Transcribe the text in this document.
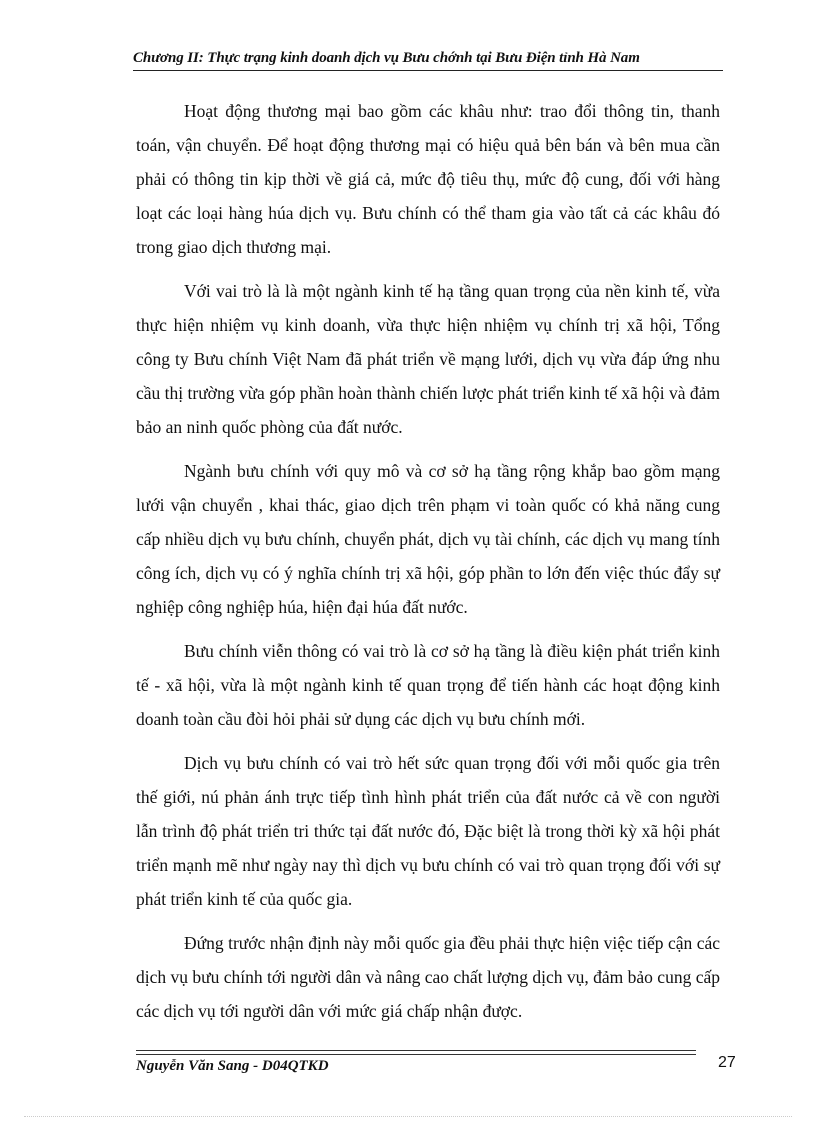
Chương II: Thực trạng kinh doanh dịch vụ Bưu chớnh tại Bưu Điện tỉnh Hà Nam

Hoạt động thương mại bao gồm các khâu như: trao đổi thông tin, thanh toán, vận chuyển. Để hoạt động thương mại có hiệu quả bên bán và bên mua cần phải có thông tin kịp thời về giá cả, mức độ tiêu thụ, mức độ cung, đối với hàng loạt các loại hàng húa dịch vụ. Bưu chính có thể tham gia vào tất cả các khâu đó trong giao dịch thương mại.

Với vai trò là là một ngành kinh tế hạ tầng quan trọng của nền kinh tế, vừa thực hiện nhiệm vụ kinh doanh, vừa thực hiện nhiệm vụ chính trị xã hội, Tổng công ty Bưu chính Việt Nam đã phát triển về mạng lưới, dịch vụ vừa đáp ứng nhu cầu thị trường vừa góp phần hoàn thành chiến lược phát triển kinh tế xã hội và đảm bảo an ninh quốc phòng của đất nước.

Ngành bưu chính với quy mô và cơ sở hạ tầng rộng khắp bao gồm mạng lưới vận chuyển , khai thác, giao dịch trên phạm vi toàn quốc có khả năng cung cấp nhiều dịch vụ bưu chính, chuyển phát, dịch vụ tài chính, các dịch vụ mang tính công ích, dịch vụ có ý nghĩa chính trị xã hội, góp phần to lớn đến việc thúc đẩy sự nghiệp công nghiệp húa, hiện đại húa đất nước.

Bưu chính viễn thông có vai trò là cơ sở hạ tầng là điều kiện phát triển kinh tế - xã hội, vừa là một ngành kinh tế quan trọng để tiến hành các hoạt động kinh doanh toàn cầu đòi hỏi phải sử dụng các dịch vụ bưu chính mới.

Dịch vụ bưu chính có vai trò hết sức quan trọng đối với mỗi quốc gia trên thế giới, nú phản ánh trực tiếp tình hình phát triển của đất nước cả về con người lẫn trình độ phát triển tri thức tại đất nước đó, Đặc biệt là trong thời kỳ xã hội phát triển mạnh mẽ như ngày nay thì dịch vụ bưu chính có vai trò quan trọng đối với sự phát triển kinh tế của quốc gia.

Đứng trước nhận định này mỗi quốc gia đều phải thực hiện việc tiếp cận các dịch vụ bưu chính tới người dân và nâng cao chất lượng dịch vụ, đảm bảo cung cấp các dịch vụ tới người dân với mức giá chấp nhận được.

Nguyễn Văn Sang - D04QTKD	27
